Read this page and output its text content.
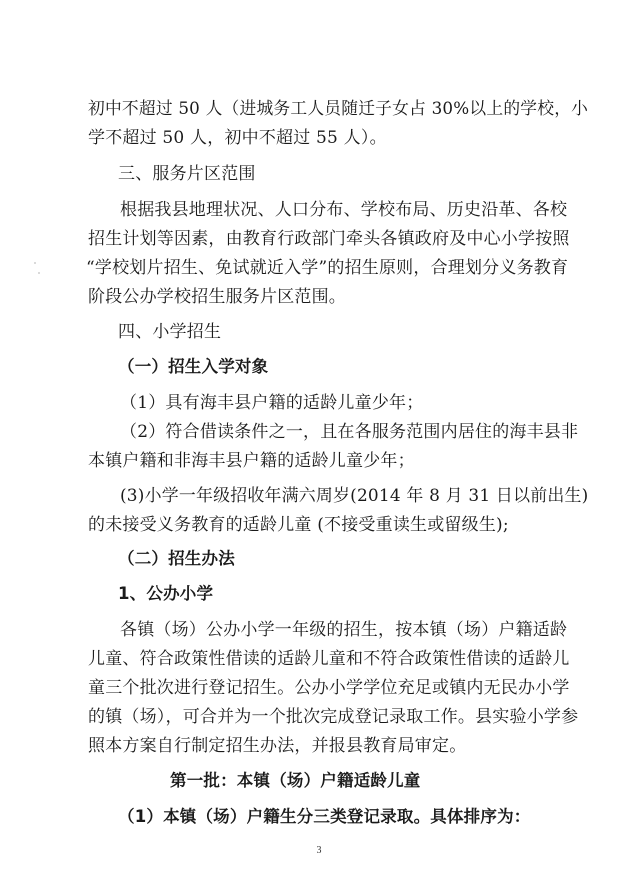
初中不超过 50 人（进城务工人员随迁子女占 30%以上的学校，小

学不超过 50 人，初中不超过 55 人）。

三、服务片区范围

根据我县地理状况、人口分布、学校布局、历史沿革、各校

招生计划等因素，由教育行政部门牵头各镇政府及中心小学按照

“学校划片招生、免试就近入学”的招生原则，合理划分义务教育

阶段公办学校招生服务片区范围。

四、小学招生

（一）招生入学对象

（1）具有海丰县户籍的适龄儿童少年；

（2）符合借读条件之一，且在各服务范围内居住的海丰县非

本镇户籍和非海丰县户籍的适龄儿童少年；

(3)小学一年级招收年满六周岁(2014 年 8 月 31 日以前出生)

的未接受义务教育的适龄儿童 (不接受重读生或留级生);

（二）招生办法

1、公办小学

各镇（场）公办小学一年级的招生，按本镇（场）户籍适龄

儿童、符合政策性借读的适龄儿童和不符合政策性借读的适龄儿

童三个批次进行登记招生。公办小学学位充足或镇内无民办小学

的镇（场），可合并为一个批次完成登记录取工作。县实验小学参

照本方案自行制定招生办法，并报县教育局审定。

第一批：本镇（场）户籍适龄儿童

（1）本镇（场）户籍生分三类登记录取。具体排序为：

3
